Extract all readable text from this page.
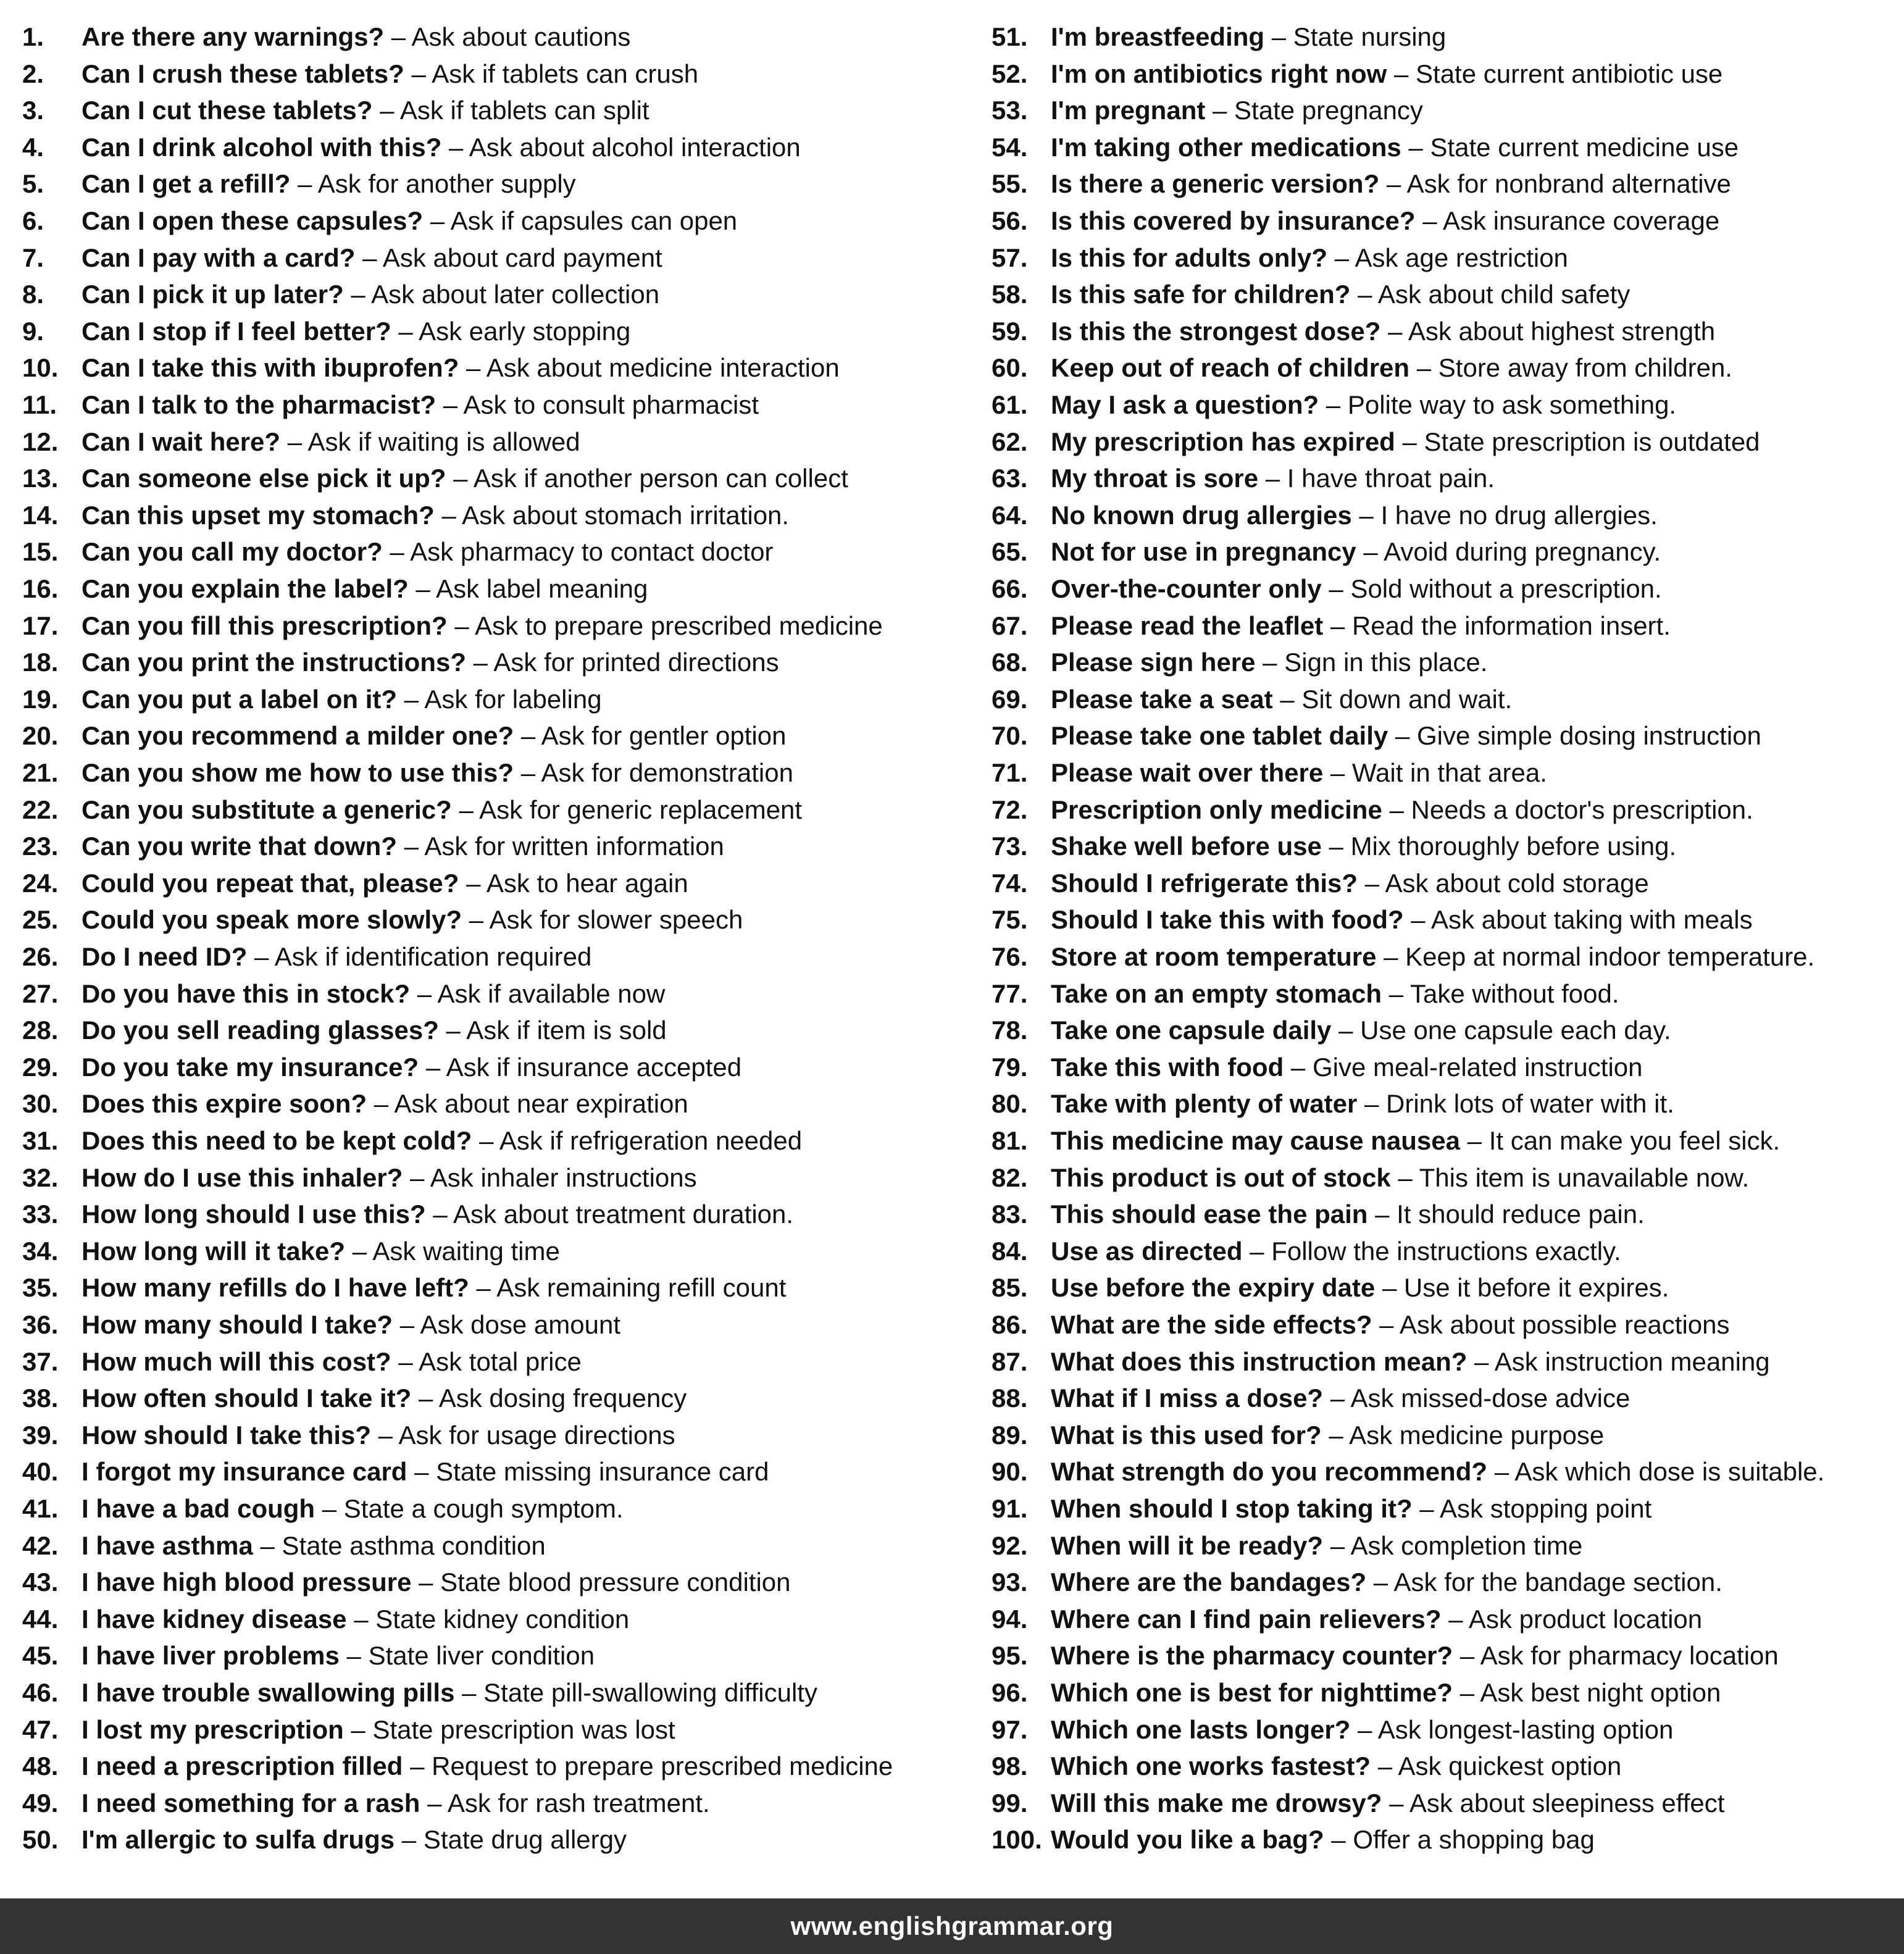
1. Are there any warnings? – Ask about cautions
2. Can I crush these tablets? – Ask if tablets can crush
3. Can I cut these tablets? – Ask if tablets can split
4. Can I drink alcohol with this? – Ask about alcohol interaction
5. Can I get a refill? – Ask for another supply
6. Can I open these capsules? – Ask if capsules can open
7. Can I pay with a card? – Ask about card payment
8. Can I pick it up later? – Ask about later collection
9. Can I stop if I feel better? – Ask early stopping
10. Can I take this with ibuprofen? – Ask about medicine interaction
11. Can I talk to the pharmacist? – Ask to consult pharmacist
12. Can I wait here? – Ask if waiting is allowed
13. Can someone else pick it up? – Ask if another person can collect
14. Can this upset my stomach? – Ask about stomach irritation.
15. Can you call my doctor? – Ask pharmacy to contact doctor
16. Can you explain the label? – Ask label meaning
17. Can you fill this prescription? – Ask to prepare prescribed medicine
18. Can you print the instructions? – Ask for printed directions
19. Can you put a label on it? – Ask for labeling
20. Can you recommend a milder one? – Ask for gentler option
21. Can you show me how to use this? – Ask for demonstration
22. Can you substitute a generic? – Ask for generic replacement
23. Can you write that down? – Ask for written information
24. Could you repeat that, please? – Ask to hear again
25. Could you speak more slowly? – Ask for slower speech
26. Do I need ID? – Ask if identification required
27. Do you have this in stock? – Ask if available now
28. Do you sell reading glasses? – Ask if item is sold
29. Do you take my insurance? – Ask if insurance accepted
30. Does this expire soon? – Ask about near expiration
31. Does this need to be kept cold? – Ask if refrigeration needed
32. How do I use this inhaler? – Ask inhaler instructions
33. How long should I use this? – Ask about treatment duration.
34. How long will it take? – Ask waiting time
35. How many refills do I have left? – Ask remaining refill count
36. How many should I take? – Ask dose amount
37. How much will this cost? – Ask total price
38. How often should I take it? – Ask dosing frequency
39. How should I take this? – Ask for usage directions
40. I forgot my insurance card – State missing insurance card
41. I have a bad cough – State a cough symptom.
42. I have asthma – State asthma condition
43. I have high blood pressure – State blood pressure condition
44. I have kidney disease – State kidney condition
45. I have liver problems – State liver condition
46. I have trouble swallowing pills – State pill-swallowing difficulty
47. I lost my prescription – State prescription was lost
48. I need a prescription filled – Request to prepare prescribed medicine
49. I need something for a rash – Ask for rash treatment.
50. I'm allergic to sulfa drugs – State drug allergy
51. I'm breastfeeding – State nursing
52. I'm on antibiotics right now – State current antibiotic use
53. I'm pregnant – State pregnancy
54. I'm taking other medications – State current medicine use
55. Is there a generic version? – Ask for nonbrand alternative
56. Is this covered by insurance? – Ask insurance coverage
57. Is this for adults only? – Ask age restriction
58. Is this safe for children? – Ask about child safety
59. Is this the strongest dose? – Ask about highest strength
60. Keep out of reach of children – Store away from children.
61. May I ask a question? – Polite way to ask something.
62. My prescription has expired – State prescription is outdated
63. My throat is sore – I have throat pain.
64. No known drug allergies – I have no drug allergies.
65. Not for use in pregnancy – Avoid during pregnancy.
66. Over-the-counter only – Sold without a prescription.
67. Please read the leaflet – Read the information insert.
68. Please sign here – Sign in this place.
69. Please take a seat – Sit down and wait.
70. Please take one tablet daily – Give simple dosing instruction
71. Please wait over there – Wait in that area.
72. Prescription only medicine – Needs a doctor's prescription.
73. Shake well before use – Mix thoroughly before using.
74. Should I refrigerate this? – Ask about cold storage
75. Should I take this with food? – Ask about taking with meals
76. Store at room temperature – Keep at normal indoor temperature.
77. Take on an empty stomach – Take without food.
78. Take one capsule daily – Use one capsule each day.
79. Take this with food – Give meal-related instruction
80. Take with plenty of water – Drink lots of water with it.
81. This medicine may cause nausea – It can make you feel sick.
82. This product is out of stock – This item is unavailable now.
83. This should ease the pain – It should reduce pain.
84. Use as directed – Follow the instructions exactly.
85. Use before the expiry date – Use it before it expires.
86. What are the side effects? – Ask about possible reactions
87. What does this instruction mean? – Ask instruction meaning
88. What if I miss a dose? – Ask missed-dose advice
89. What is this used for? – Ask medicine purpose
90. What strength do you recommend? – Ask which dose is suitable.
91. When should I stop taking it? – Ask stopping point
92. When will it be ready? – Ask completion time
93. Where are the bandages? – Ask for the bandage section.
94. Where can I find pain relievers? – Ask product location
95. Where is the pharmacy counter? – Ask for pharmacy location
96. Which one is best for nighttime? – Ask best night option
97. Which one lasts longer? – Ask longest-lasting option
98. Which one works fastest? – Ask quickest option
99. Will this make me drowsy? – Ask about sleepiness effect
100. Would you like a bag? – Offer a shopping bag
www.englishgrammar.org
